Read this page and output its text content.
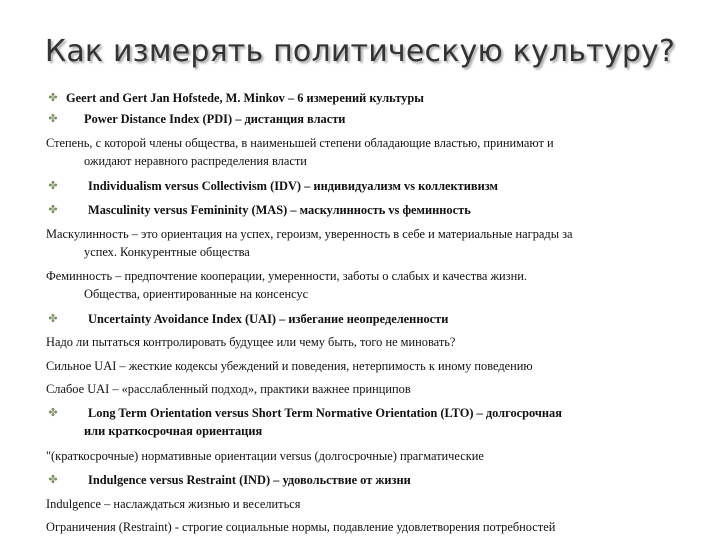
Как измерять политическую культуру?
✤
✤
✤
✤
✤
✤
✤
Geert and Gert Jan Hofstede, M. Minkov – 6 измерений культуры
Power Distance Index (PDI) – дистанция власти
Степень, с которой члены общества, в наименьшей степени обладающие властью, принимают и
ожидают неравного распределения власти
Individualism versus Collectivism (IDV) – индивидуализм vs коллективизм
Masculinity versus Femininity (MAS) – маскулинность vs феминность
Маскулинность – это ориентация на успех, героизм, уверенность в себе и материальные награды за
успех. Конкурентные общества
Феминность – предпочтение кооперации, умеренности, заботы о слабых и качества жизни.
Общества, ориентированные на консенсус
Uncertainty Avoidance Index (UAI) – избегание неопределенности
Надо ли пытаться контролировать будущее или чему быть, того не миновать?
Сильное UAI – жесткие кодексы убеждений и поведения, нетерпимость к иному поведению
Слабое UAI – «расслабленный подход», практики важнее принципов
Long Term Orientation versus Short Term Normative Orientation (LTO) – долгосрочная
или краткосрочная ориентация
"(краткосрочные) нормативные ориентации versus (долгосрочные) прагматические
Indulgence versus Restraint (IND) – удовольствие от жизни
Indulgence – наслаждаться жизнью и веселиться
Ограничения (Restraint) - строгие социальные нормы, подавление удовлетворения потребностей
